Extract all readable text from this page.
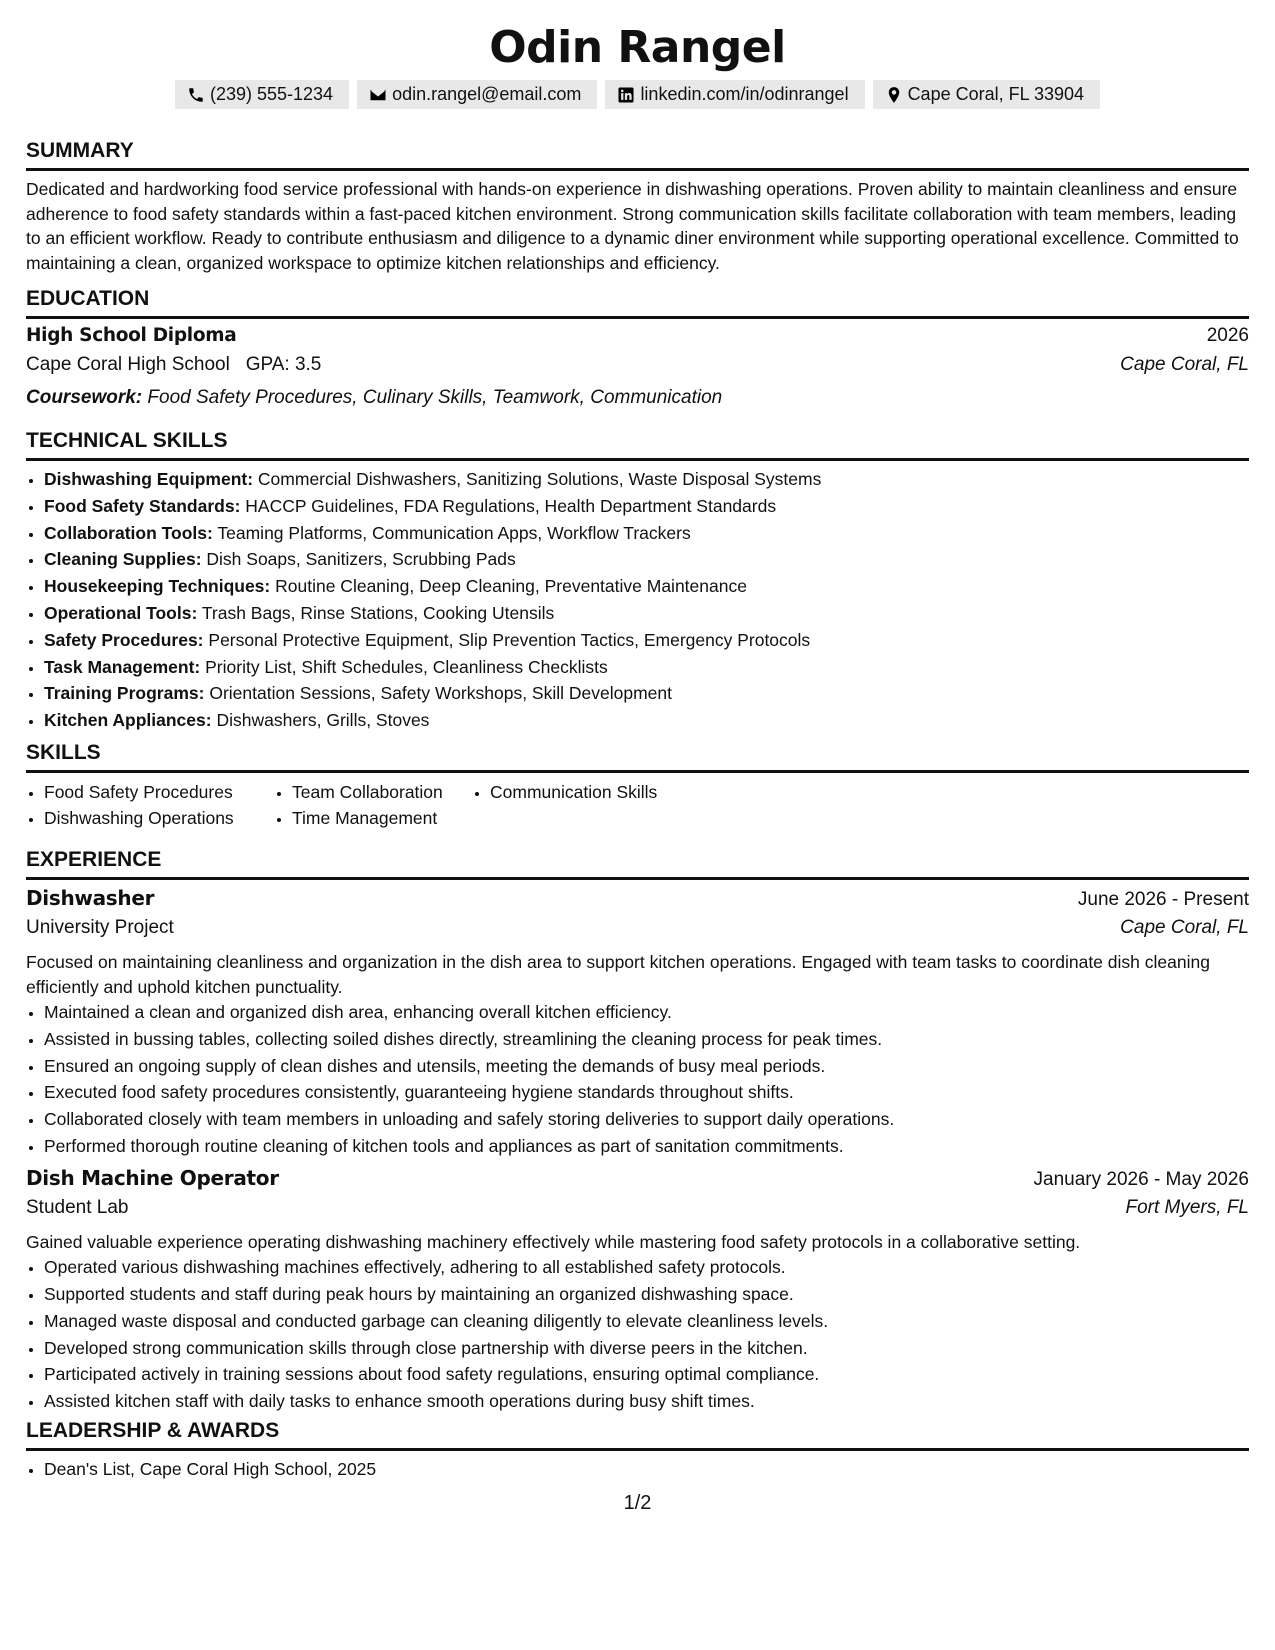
Odin Rangel
(239) 555-1234	odin.rangel@email.com	linkedin.com/in/odinrangel	Cape Coral, FL 33904
SUMMARY
Dedicated and hardworking food service professional with hands-on experience in dishwashing operations. Proven ability to maintain cleanliness and ensure adherence to food safety standards within a fast-paced kitchen environment. Strong communication skills facilitate collaboration with team members, leading to an efficient workflow. Ready to contribute enthusiasm and diligence to a dynamic diner environment while supporting operational excellence. Committed to maintaining a clean, organized workspace to optimize kitchen relationships and efficiency.
EDUCATION
High School Diploma	2026
Cape Coral High School GPA: 3.5	Cape Coral, FL
Coursework: Food Safety Procedures, Culinary Skills, Teamwork, Communication
TECHNICAL SKILLS
• Dishwashing Equipment: Commercial Dishwashers, Sanitizing Solutions, Waste Disposal Systems
• Food Safety Standards: HACCP Guidelines, FDA Regulations, Health Department Standards
• Collaboration Tools: Teaming Platforms, Communication Apps, Workflow Trackers
• Cleaning Supplies: Dish Soaps, Sanitizers, Scrubbing Pads
• Housekeeping Techniques: Routine Cleaning, Deep Cleaning, Preventative Maintenance
• Operational Tools: Trash Bags, Rinse Stations, Cooking Utensils
• Safety Procedures: Personal Protective Equipment, Slip Prevention Tactics, Emergency Protocols
• Task Management: Priority List, Shift Schedules, Cleanliness Checklists
• Training Programs: Orientation Sessions, Safety Workshops, Skill Development
• Kitchen Appliances: Dishwashers, Grills, Stoves
SKILLS
• Food Safety Procedures
• Dishwashing Operations
• Team Collaboration
• Time Management
• Communication Skills
EXPERIENCE
Dishwasher	June 2026 - Present
University Project	Cape Coral, FL
Focused on maintaining cleanliness and organization in the dish area to support kitchen operations. Engaged with team tasks to coordinate dish cleaning efficiently and uphold kitchen punctuality.
• Maintained a clean and organized dish area, enhancing overall kitchen efficiency.
• Assisted in bussing tables, collecting soiled dishes directly, streamlining the cleaning process for peak times.
• Ensured an ongoing supply of clean dishes and utensils, meeting the demands of busy meal periods.
• Executed food safety procedures consistently, guaranteeing hygiene standards throughout shifts.
• Collaborated closely with team members in unloading and safely storing deliveries to support daily operations.
• Performed thorough routine cleaning of kitchen tools and appliances as part of sanitation commitments.
Dish Machine Operator	January 2026 - May 2026
Student Lab	Fort Myers, FL
Gained valuable experience operating dishwashing machinery effectively while mastering food safety protocols in a collaborative setting.
• Operated various dishwashing machines effectively, adhering to all established safety protocols.
• Supported students and staff during peak hours by maintaining an organized dishwashing space.
• Managed waste disposal and conducted garbage can cleaning diligently to elevate cleanliness levels.
• Developed strong communication skills through close partnership with diverse peers in the kitchen.
• Participated actively in training sessions about food safety regulations, ensuring optimal compliance.
• Assisted kitchen staff with daily tasks to enhance smooth operations during busy shift times.
LEADERSHIP & AWARDS
• Dean's List, Cape Coral High School, 2025
1/2
